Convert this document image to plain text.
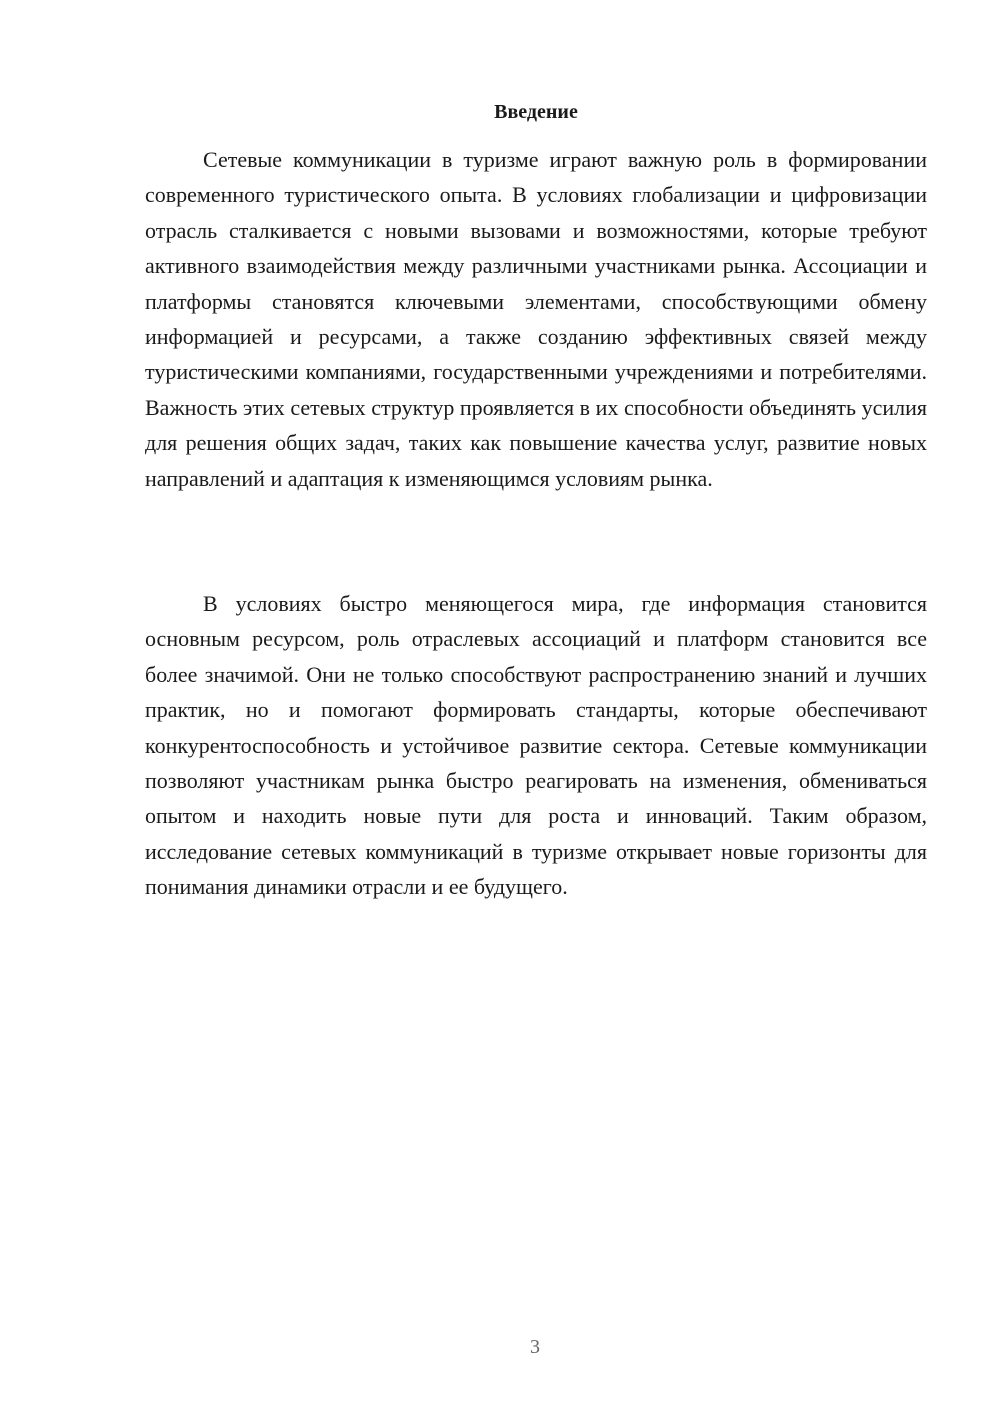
Введение

Сетевые коммуникации в туризме играют важную роль в формировании современного туристического опыта. В условиях глобализации и цифровизации отрасль сталкивается с новыми вызовами и возможностями, которые требуют активного взаимодействия между различными участниками рынка. Ассоциации и платформы становятся ключевыми элементами, способствующими обмену информацией и ресурсами, а также созданию эффективных связей между туристическими компаниями, государственными учреждениями и потребителями. Важность этих сетевых структур проявляется в их способности объединять усилия для решения общих задач, таких как повышение качества услуг, развитие новых направлений и адаптация к изменяющимся условиям рынка.

В условиях быстро меняющегося мира, где информация становится основным ресурсом, роль отраслевых ассоциаций и платформ становится все более значимой. Они не только способствуют распространению знаний и лучших практик, но и помогают формировать стандарты, которые обеспечивают конкурентоспособность и устойчивое развитие сектора. Сетевые коммуникации позволяют участникам рынка быстро реагировать на изменения, обмениваться опытом и находить новые пути для роста и инноваций. Таким образом, исследование сетевых коммуникаций в туризме открывает новые горизонты для понимания динамики отрасли и ее будущего.

3
